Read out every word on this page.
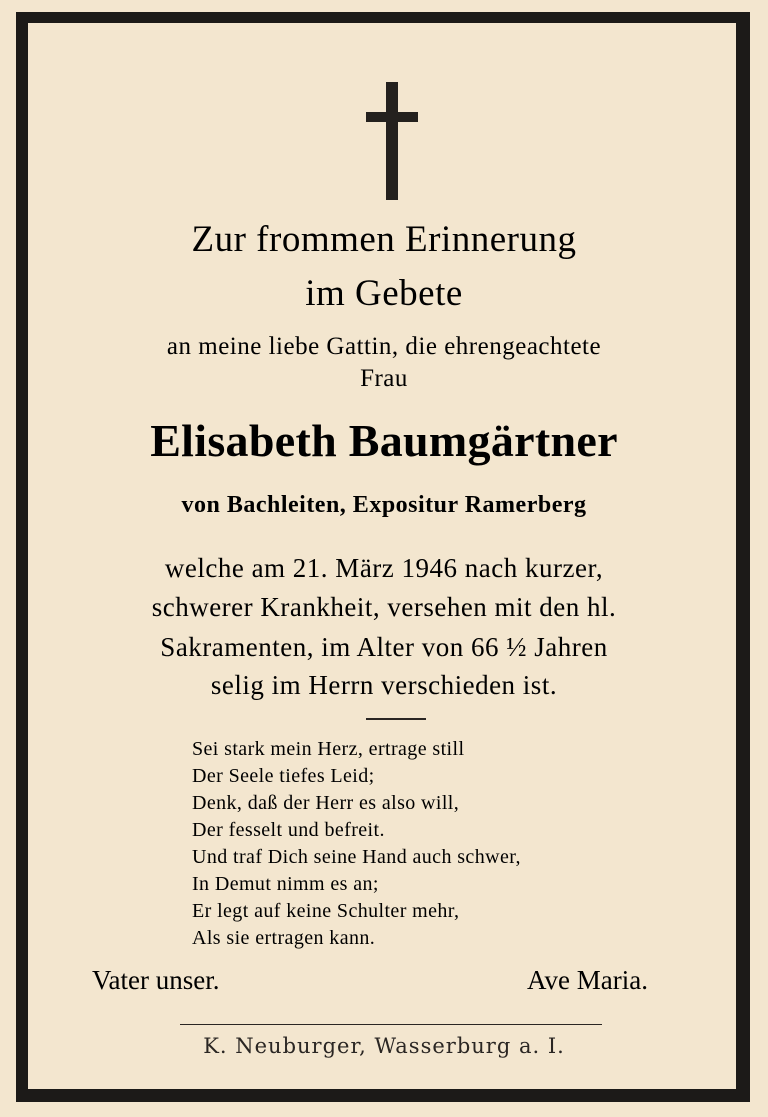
Zur frommen Erinnerung
im Gebete
an meine liebe Gattin, die ehrengeachtete
Frau
Elisabeth Baumgärtner
von Bachleiten, Expositur Ramerberg
welche am 21. März 1946 nach kurzer,
schwerer Krankheit, versehen mit den hl.
Sakramenten, im Alter von 66 ½ Jahren
selig im Herrn verschieden ist.
Sei stark mein Herz, ertrage still
Der Seele tiefes Leid;
Denk, daß der Herr es also will,
Der fesselt und befreit.
Und traf Dich seine Hand auch schwer,
In Demut nimm es an;
Er legt auf keine Schulter mehr,
Als sie ertragen kann.
Vater unser.	Ave Maria.
K. Neuburger, Wasserburg a. I.
